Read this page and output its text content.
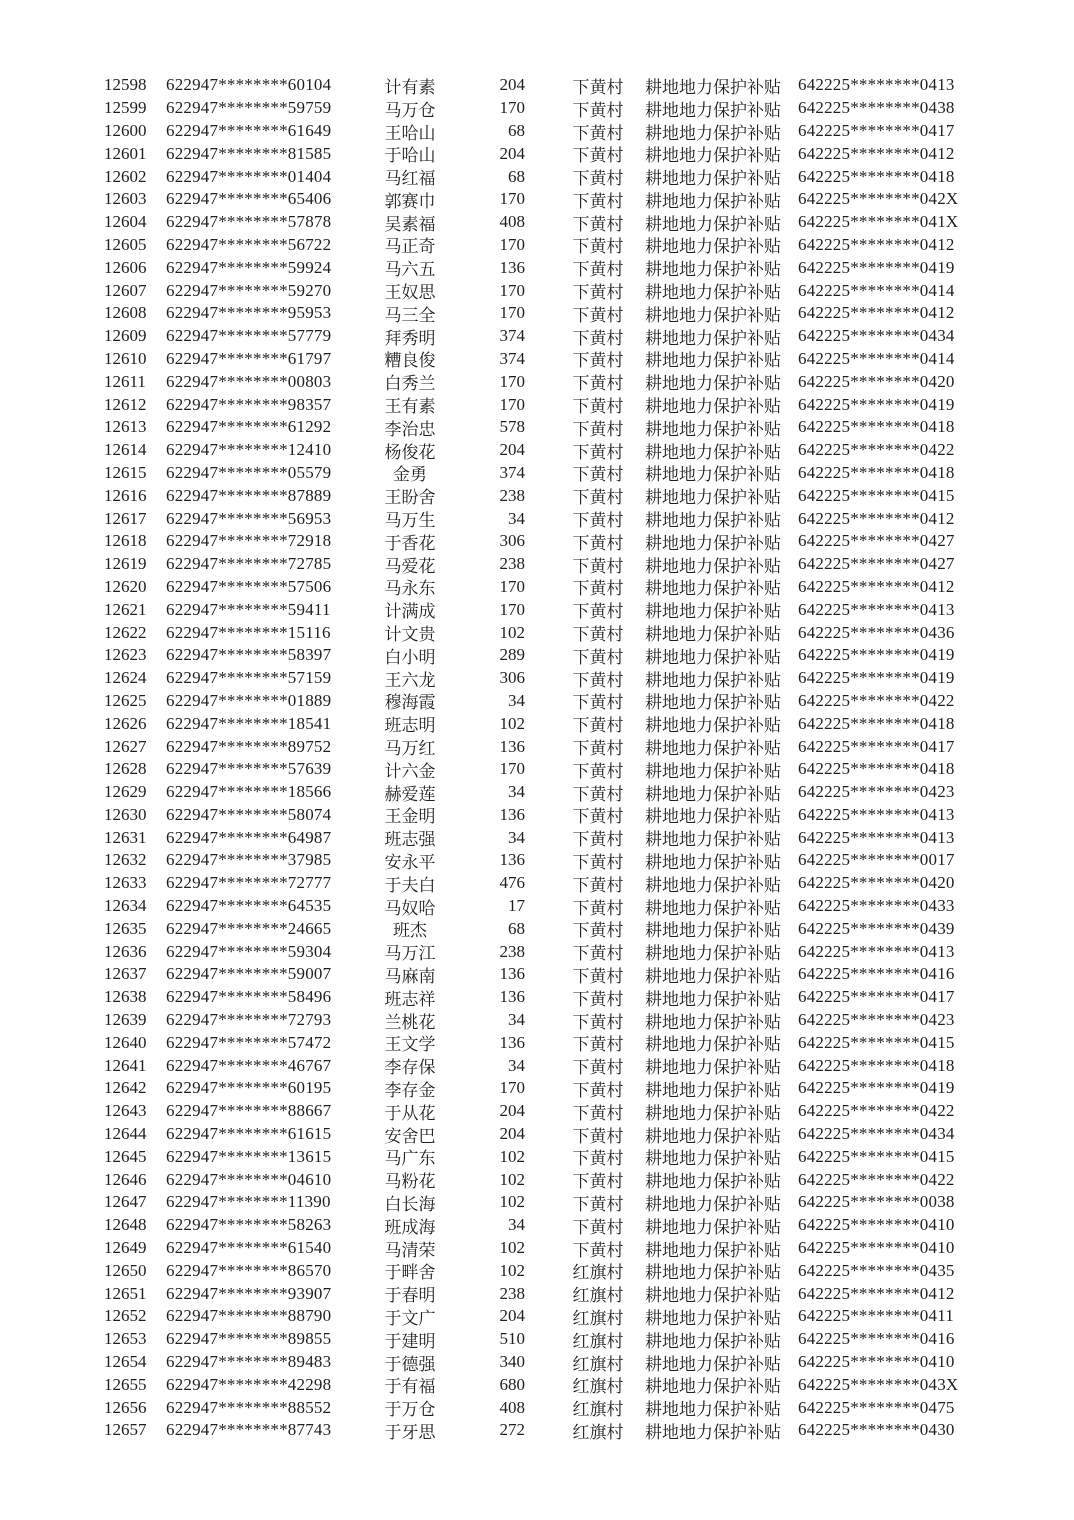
12598 622947********60104	计有素	204	下黄村	耕地地力保护补贴 642225********0413
12599 622947********59759	马万仓	170	下黄村	耕地地力保护补贴 642225********0438
12600 622947********61649	王哈山	68	下黄村	耕地地力保护补贴 642225********0417
12601 622947********81585	于哈山	204	下黄村	耕地地力保护补贴 642225********0412
12602 622947********01404	马红福	68	下黄村	耕地地力保护补贴 642225********0418
12603 622947********65406	郭赛巾	170	下黄村	耕地地力保护补贴 642225********042X
12604 622947********57878	吴素福	408	下黄村	耕地地力保护补贴 642225********041X
12605 622947********56722	马正奇	170	下黄村	耕地地力保护补贴 642225********0412
12606 622947********59924	马六五	136	下黄村	耕地地力保护补贴 642225********0419
12607 622947********59270	王奴思	170	下黄村	耕地地力保护补贴 642225********0414
12608 622947********95953	马三全	170	下黄村	耕地地力保护补贴 642225********0412
12609 622947********57779	拜秀明	374	下黄村	耕地地力保护补贴 642225********0434
12610 622947********61797	糟良俊	374	下黄村	耕地地力保护补贴 642225********0414
12611 622947********00803	白秀兰	170	下黄村	耕地地力保护补贴 642225********0420
12612 622947********98357	王有素	170	下黄村	耕地地力保护补贴 642225********0419
12613 622947********61292	李治忠	578	下黄村	耕地地力保护补贴 642225********0418
12614 622947********12410	杨俊花	204	下黄村	耕地地力保护补贴 642225********0422
12615 622947********05579	金勇	374	下黄村	耕地地力保护补贴 642225********0418
12616 622947********87889	王盼舍	238	下黄村	耕地地力保护补贴 642225********0415
12617 622947********56953	马万生	34	下黄村	耕地地力保护补贴 642225********0412
12618 622947********72918	于香花	306	下黄村	耕地地力保护补贴 642225********0427
12619 622947********72785	马爱花	238	下黄村	耕地地力保护补贴 642225********0427
12620 622947********57506	马永东	170	下黄村	耕地地力保护补贴 642225********0412
12621 622947********59411	计满成	170	下黄村	耕地地力保护补贴 642225********0413
12622 622947********15116	计文贵	102	下黄村	耕地地力保护补贴 642225********0436
12623 622947********58397	白小明	289	下黄村	耕地地力保护补贴 642225********0419
12624 622947********57159	王六龙	306	下黄村	耕地地力保护补贴 642225********0419
12625 622947********01889	穆海霞	34	下黄村	耕地地力保护补贴 642225********0422
12626 622947********18541	班志明	102	下黄村	耕地地力保护补贴 642225********0418
12627 622947********89752	马万红	136	下黄村	耕地地力保护补贴 642225********0417
12628 622947********57639	计六金	170	下黄村	耕地地力保护补贴 642225********0418
12629 622947********18566	赫爱莲	34	下黄村	耕地地力保护补贴 642225********0423
12630 622947********58074	王金明	136	下黄村	耕地地力保护补贴 642225********0413
12631 622947********64987	班志强	34	下黄村	耕地地力保护补贴 642225********0413
12632 622947********37985	安永平	136	下黄村	耕地地力保护补贴 642225********0017
12633 622947********72777	于夫白	476	下黄村	耕地地力保护补贴 642225********0420
12634 622947********64535	马奴哈	17	下黄村	耕地地力保护补贴 642225********0433
12635 622947********24665	班杰	68	下黄村	耕地地力保护补贴 642225********0439
12636 622947********59304	马万江	238	下黄村	耕地地力保护补贴 642225********0413
12637 622947********59007	马麻南	136	下黄村	耕地地力保护补贴 642225********0416
12638 622947********58496	班志祥	136	下黄村	耕地地力保护补贴 642225********0417
12639 622947********72793	兰桃花	34	下黄村	耕地地力保护补贴 642225********0423
12640 622947********57472	王文学	136	下黄村	耕地地力保护补贴 642225********0415
12641 622947********46767	李存保	34	下黄村	耕地地力保护补贴 642225********0418
12642 622947********60195	李存金	170	下黄村	耕地地力保护补贴 642225********0419
12643 622947********88667	于从花	204	下黄村	耕地地力保护补贴 642225********0422
12644 622947********61615	安舍巴	204	下黄村	耕地地力保护补贴 642225********0434
12645 622947********13615	马广东	102	下黄村	耕地地力保护补贴 642225********0415
12646 622947********04610	马粉花	102	下黄村	耕地地力保护补贴 642225********0422
12647 622947********11390	白长海	102	下黄村	耕地地力保护补贴 642225********0038
12648 622947********58263	班成海	34	下黄村	耕地地力保护补贴 642225********0410
12649 622947********61540	马清荣	102	下黄村	耕地地力保护补贴 642225********0410
12650 622947********86570	于畔舍	102	红旗村	耕地地力保护补贴 642225********0435
12651 622947********93907	于春明	238	红旗村	耕地地力保护补贴 642225********0412
12652 622947********88790	于文广	204	红旗村	耕地地力保护补贴 642225********0411
12653 622947********89855	于建明	510	红旗村	耕地地力保护补贴 642225********0416
12654 622947********89483	于德强	340	红旗村	耕地地力保护补贴 642225********0410
12655 622947********42298	于有福	680	红旗村	耕地地力保护补贴 642225********043X
12656 622947********88552	于万仓	408	红旗村	耕地地力保护补贴 642225********0475
12657 622947********87743	于牙思	272	红旗村	耕地地力保护补贴 642225********0430
